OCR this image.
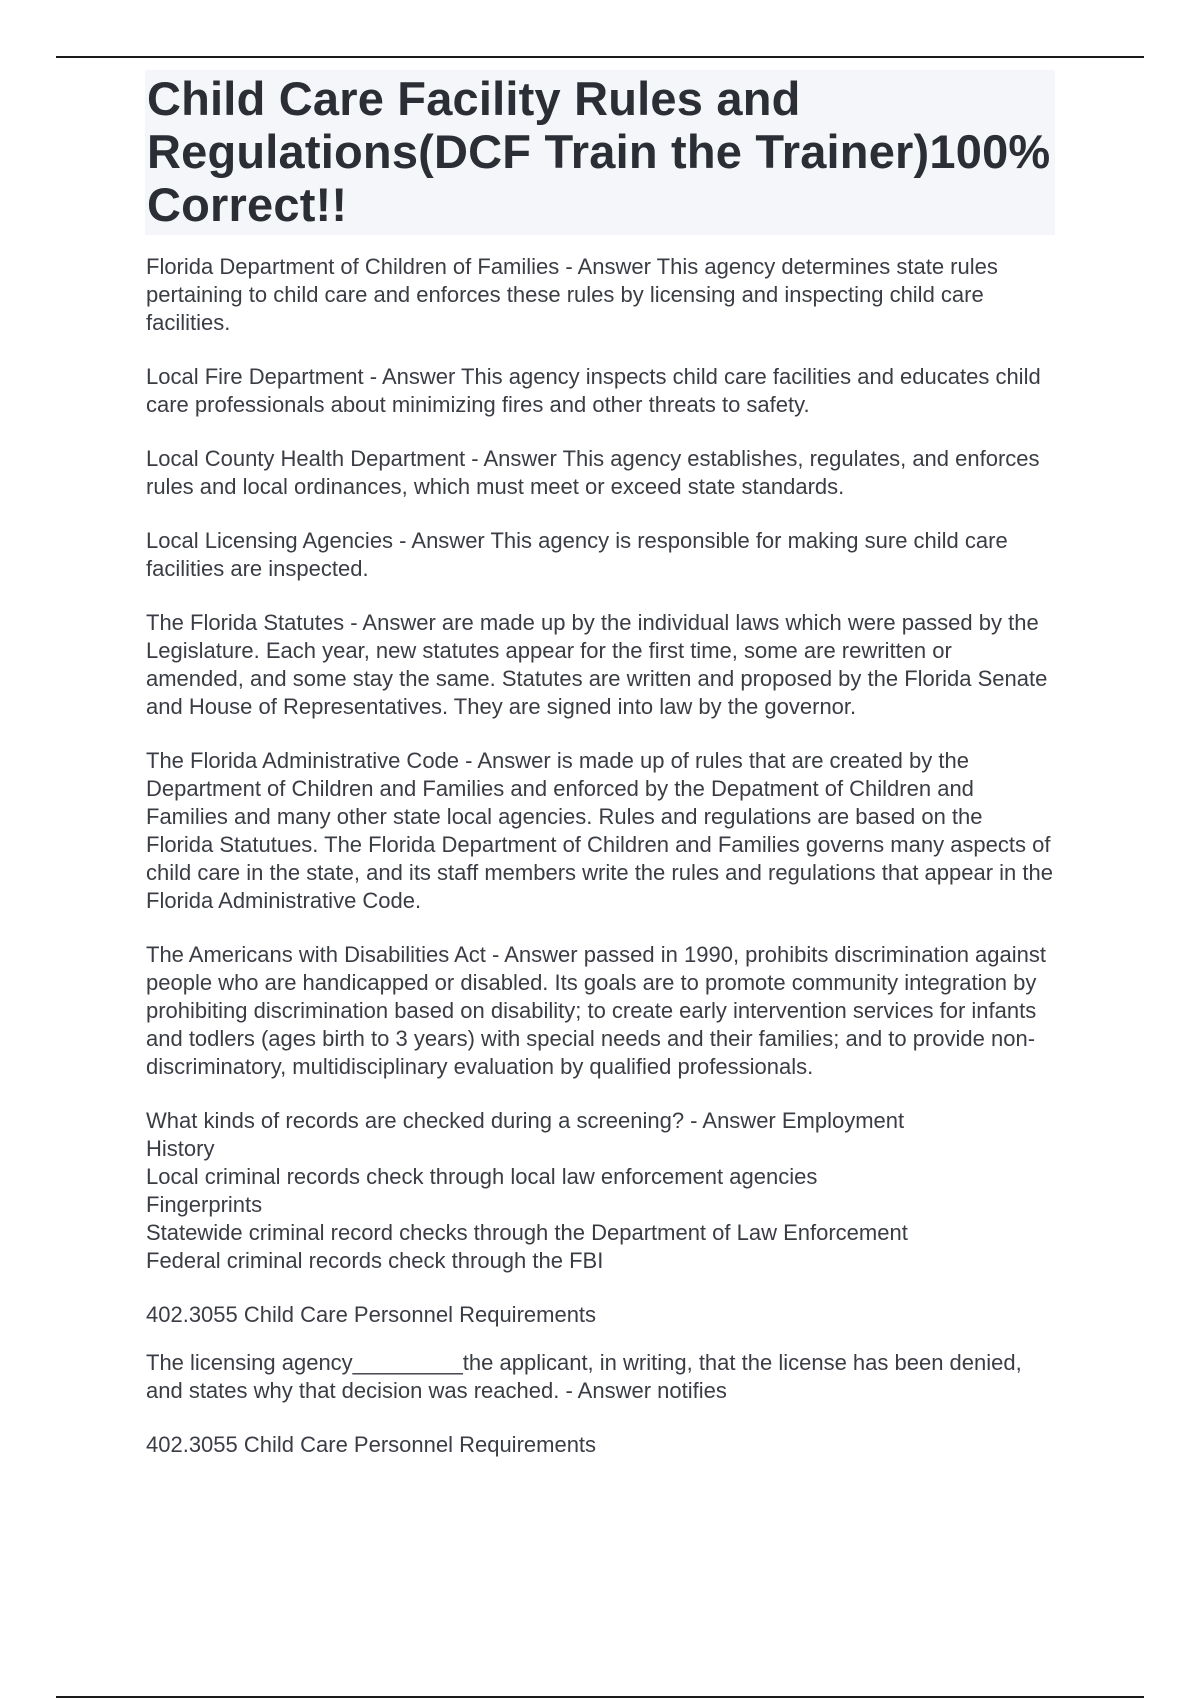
Child Care Facility Rules and Regulations(DCF Train the Trainer)100% Correct!!

Florida Department of Children of Families - Answer This agency determines state rules pertaining to child care and enforces these rules by licensing and inspecting child care facilities.

Local Fire Department - Answer This agency inspects child care facilities and educates child care professionals about minimizing fires and other threats to safety.

Local County Health Department - Answer This agency establishes, regulates, and enforces rules and local ordinances, which must meet or exceed state standards.

Local Licensing Agencies - Answer This agency is responsible for making sure child care facilities are inspected.

The Florida Statutes - Answer are made up by the individual laws which were passed by the Legislature. Each year, new statutes appear for the first time, some are rewritten or amended, and some stay the same. Statutes are written and proposed by the Florida Senate and House of Representatives. They are signed into law by the governor.

The Florida Administrative Code - Answer is made up of rules that are created by the Department of Children and Families and enforced by the Depatment of Children and Families and many other state local agencies. Rules and regulations are based on the Florida Statutues. The Florida Department of Children and Families governs many aspects of child care in the state, and its staff members write the rules and regulations that appear in the Florida Administrative Code.

The Americans with Disabilities Act - Answer passed in 1990, prohibits discrimination against people who are handicapped or disabled. Its goals are to promote community integration by prohibiting discrimination based on disability; to create early intervention services for infants and todlers (ages birth to 3 years) with special needs and their families; and to provide non-discriminatory, multidisciplinary evaluation by qualified professionals.

What kinds of records are checked during a screening? - Answer Employment
History
Local criminal records check through local law enforcement agencies
Fingerprints
Statewide criminal record checks through the Department of Law Enforcement
Federal criminal records check through the FBI

402.3055 Child Care Personnel Requirements

The licensing agency_________the applicant, in writing, that the license has been denied, and states why that decision was reached. - Answer notifies

402.3055 Child Care Personnel Requirements
